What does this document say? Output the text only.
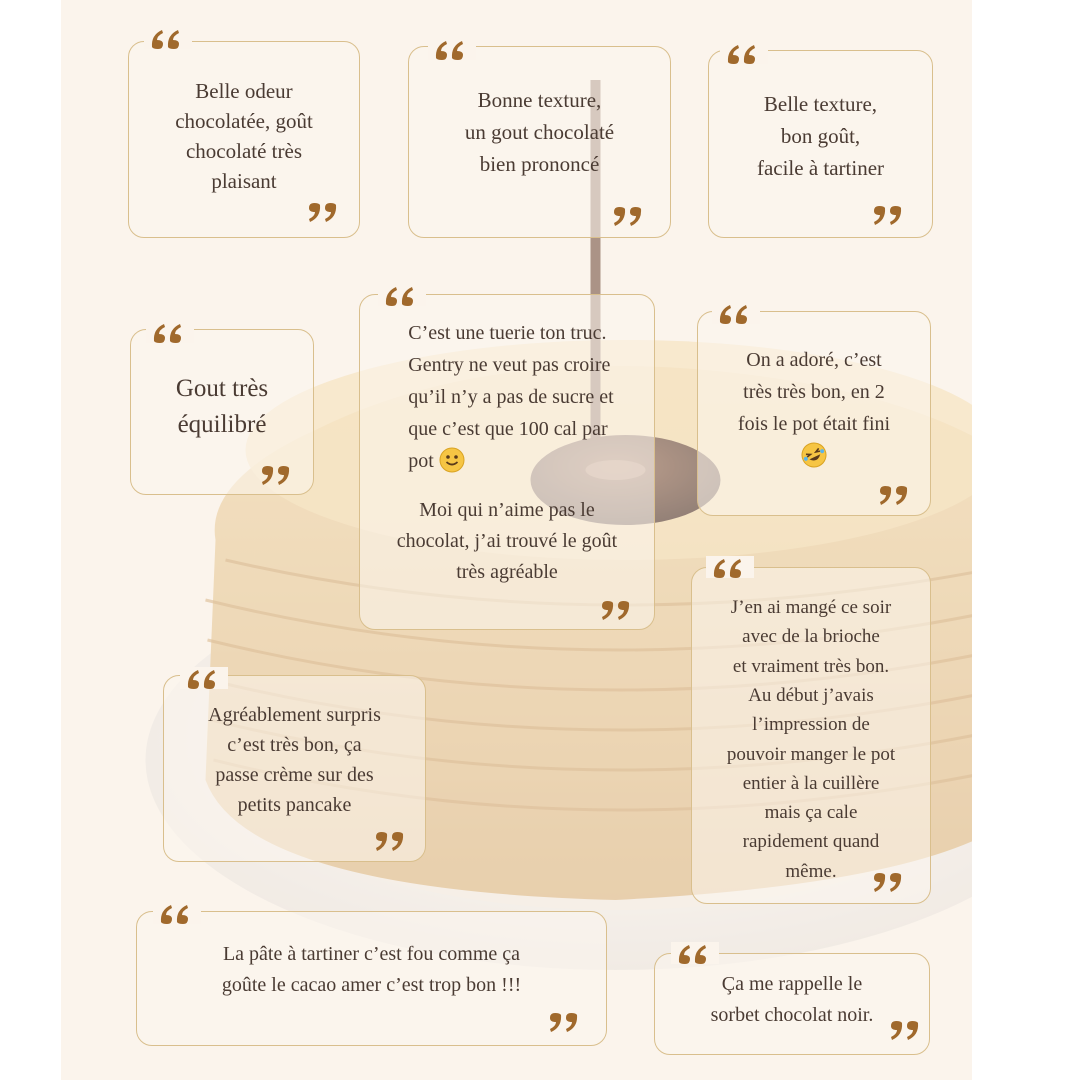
Belle odeur
chocolatée, goût
chocolaté très
plaisant
Bonne texture,
un gout chocolaté
bien prononcé
Belle texture,
bon goût,
facile à tartiner
Gout très
équilibré
C’est une tuerie ton truc.
Gentry ne veut pas croire
qu’il n’y a pas de sucre et
que c’est que 100 cal par
pot
Moi qui n’aime pas le
chocolat, j’ai trouvé le goût
très agréable
On a adoré, c’est
très très bon, en 2
fois le pot était fini
J’en ai mangé ce soir
avec de la brioche
et vraiment très bon.
Au début j’avais
l’impression de
pouvoir manger le pot
entier à la cuillère
mais ça cale
rapidement quand
même.
Agréablement surpris
c’est très bon, ça
passe crème sur des
petits pancake
La pâte à tartiner c’est fou comme ça
goûte le cacao amer c’est trop bon !!!	Ça me rappelle le
sorbet chocolat noir.
